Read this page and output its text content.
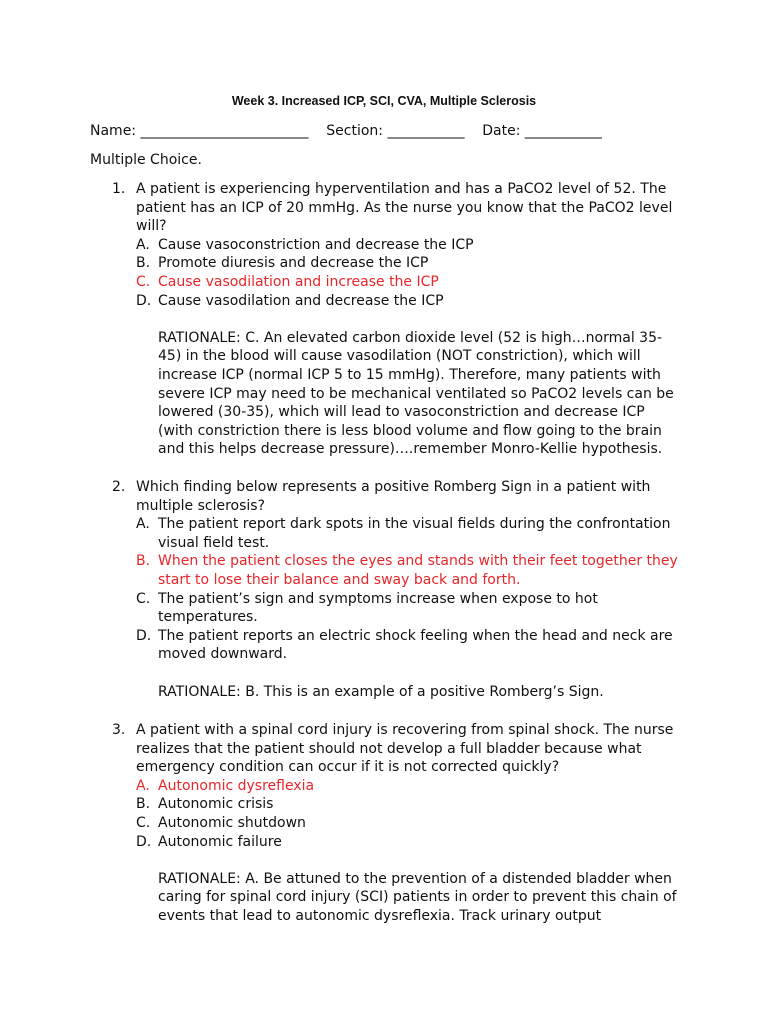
Week 3. Increased ICP, SCI, CVA, Multiple Sclerosis
Name: ________________________    Section: ___________    Date: ___________
Multiple Choice.
1. A patient is experiencing hyperventilation and has a PaCO2 level of 52. The patient has an ICP of 20 mmHg. As the nurse you know that the PaCO2 level will?
A. Cause vasoconstriction and decrease the ICP
B. Promote diuresis and decrease the ICP
C. Cause vasodilation and increase the ICP
D. Cause vasodilation and decrease the ICP
RATIONALE: C. An elevated carbon dioxide level (52 is high…normal 35-45) in the blood will cause vasodilation (NOT constriction), which will increase ICP (normal ICP 5 to 15 mmHg). Therefore, many patients with severe ICP may need to be mechanical ventilated so PaCO2 levels can be lowered (30-35), which will lead to vasoconstriction and decrease ICP (with constriction there is less blood volume and flow going to the brain and this helps decrease pressure)….remember Monro-Kellie hypothesis.
2. Which finding below represents a positive Romberg Sign in a patient with multiple sclerosis?
A. The patient report dark spots in the visual fields during the confrontation visual field test.
B. When the patient closes the eyes and stands with their feet together they start to lose their balance and sway back and forth.
C. The patient’s sign and symptoms increase when expose to hot temperatures.
D. The patient reports an electric shock feeling when the head and neck are moved downward.
RATIONALE: B. This is an example of a positive Romberg’s Sign.
3. A patient with a spinal cord injury is recovering from spinal shock. The nurse realizes that the patient should not develop a full bladder because what emergency condition can occur if it is not corrected quickly?
A. Autonomic dysreflexia
B. Autonomic crisis
C. Autonomic shutdown
D. Autonomic failure
RATIONALE: A. Be attuned to the prevention of a distended bladder when caring for spinal cord injury (SCI) patients in order to prevent this chain of events that lead to autonomic dysreflexia. Track urinary output
